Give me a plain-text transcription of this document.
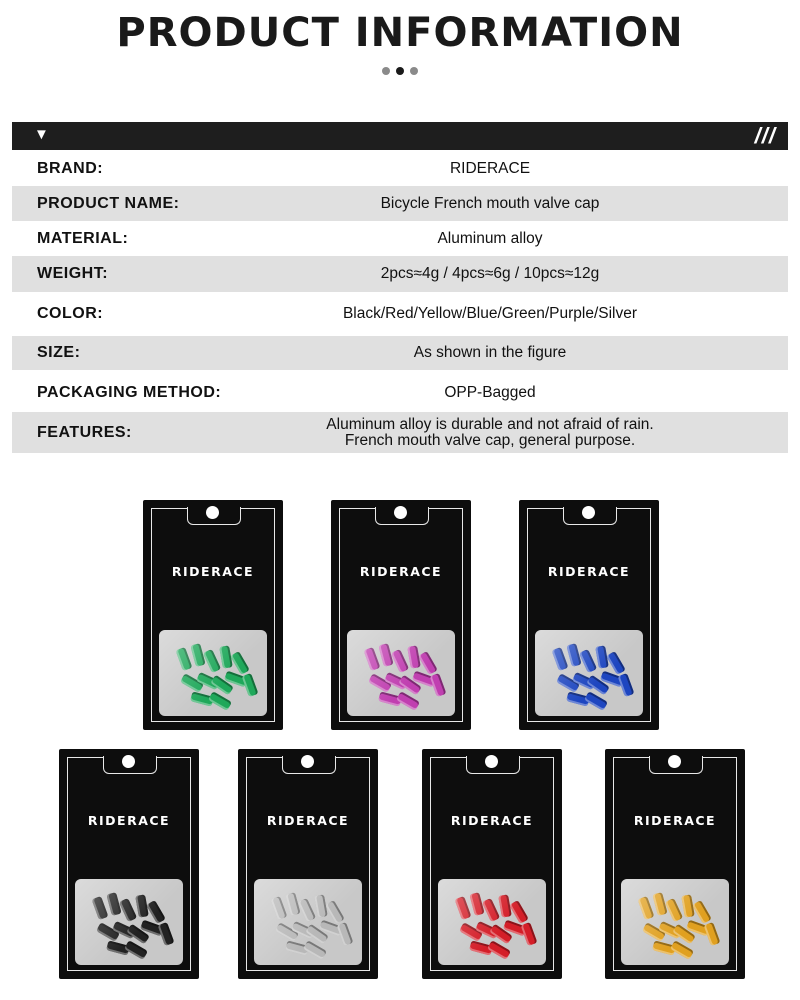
PRODUCT INFORMATION
▼	///
BRAND:	RIDERACE
PRODUCT NAME:	Bicycle French mouth valve cap
MATERIAL:	Aluminum alloy
WEIGHT:	2pcs≈4g / 4pcs≈6g / 10pcs≈12g
COLOR:	Black/Red/Yellow/Blue/Green/Purple/Silver
SIZE:	As shown in the figure
PACKAGING METHOD:	OPP-Bagged
FEATURES:	Aluminum alloy is durable and not afraid of rain.
French mouth valve cap, general purpose.
RIDERACE	RIDERACE	RIDERACE
RIDERACE	RIDERACE	RIDERACE	RIDERACE
